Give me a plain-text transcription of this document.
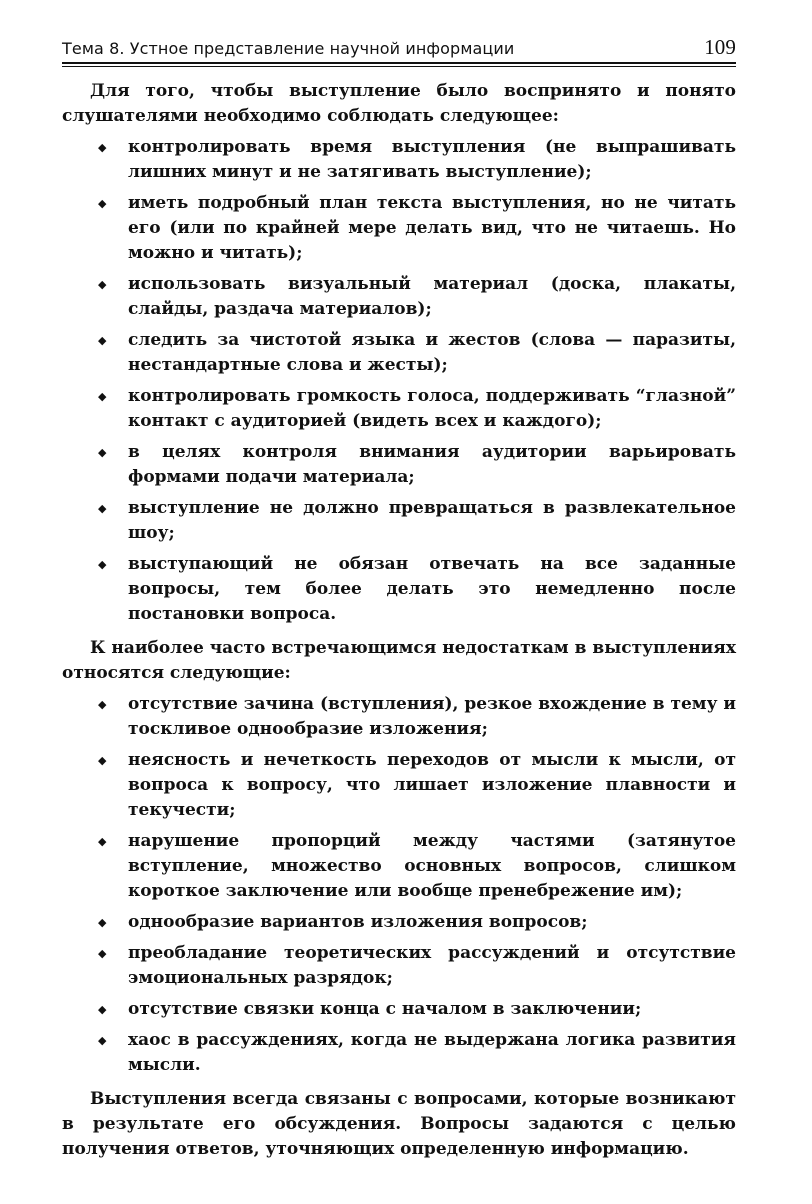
Тема 8. Устное представление научной информации	109

Для того, чтобы выступление было воспринято и понято слушателями необходимо соблюдать следующее:

◆ контролировать время выступления (не выпрашивать лишних минут и не затягивать выступление);
◆ иметь подробный план текста выступления, но не читать его (или по крайней мере делать вид, что не читаешь. Но можно и читать);
◆ использовать визуальный материал (доска, плакаты, слайды, раздача материалов);
◆ следить за чистотой языка и жестов (слова — паразиты, нестандартные слова и жесты);
◆ контролировать громкость голоса, поддерживать “глазной” контакт с аудиторией (видеть всех и каждого);
◆ в целях контроля внимания аудитории варьировать формами подачи материала;
◆ выступление не должно превращаться в развлекательное шоу;
◆ выступающий не обязан отвечать на все заданные вопросы, тем более делать это немедленно после постановки вопроса.

К наиболее часто встречающимся недостаткам в выступлениях относятся следующие:

◆ отсутствие зачина (вступления), резкое вхождение в тему и тоскливое однообразие изложения;
◆ неясность и нечеткость переходов от мысли к мысли, от вопроса к вопросу, что лишает изложение плавности и текучести;
◆ нарушение пропорций между частями (затянутое вступление, множество основных вопросов, слишком короткое заключение или вообще пренебрежение им);
◆ однообразие вариантов изложения вопросов;
◆ преобладание теоретических рассуждений и отсутствие эмоциональных разрядок;
◆ отсутствие связки конца с началом в заключении;
◆ хаос в рассуждениях, когда не выдержана логика развития мысли.

Выступления всегда связаны с вопросами, которые возникают в результате его обсуждения. Вопросы задаются с целью получения ответов, уточняющих определенную информацию.
